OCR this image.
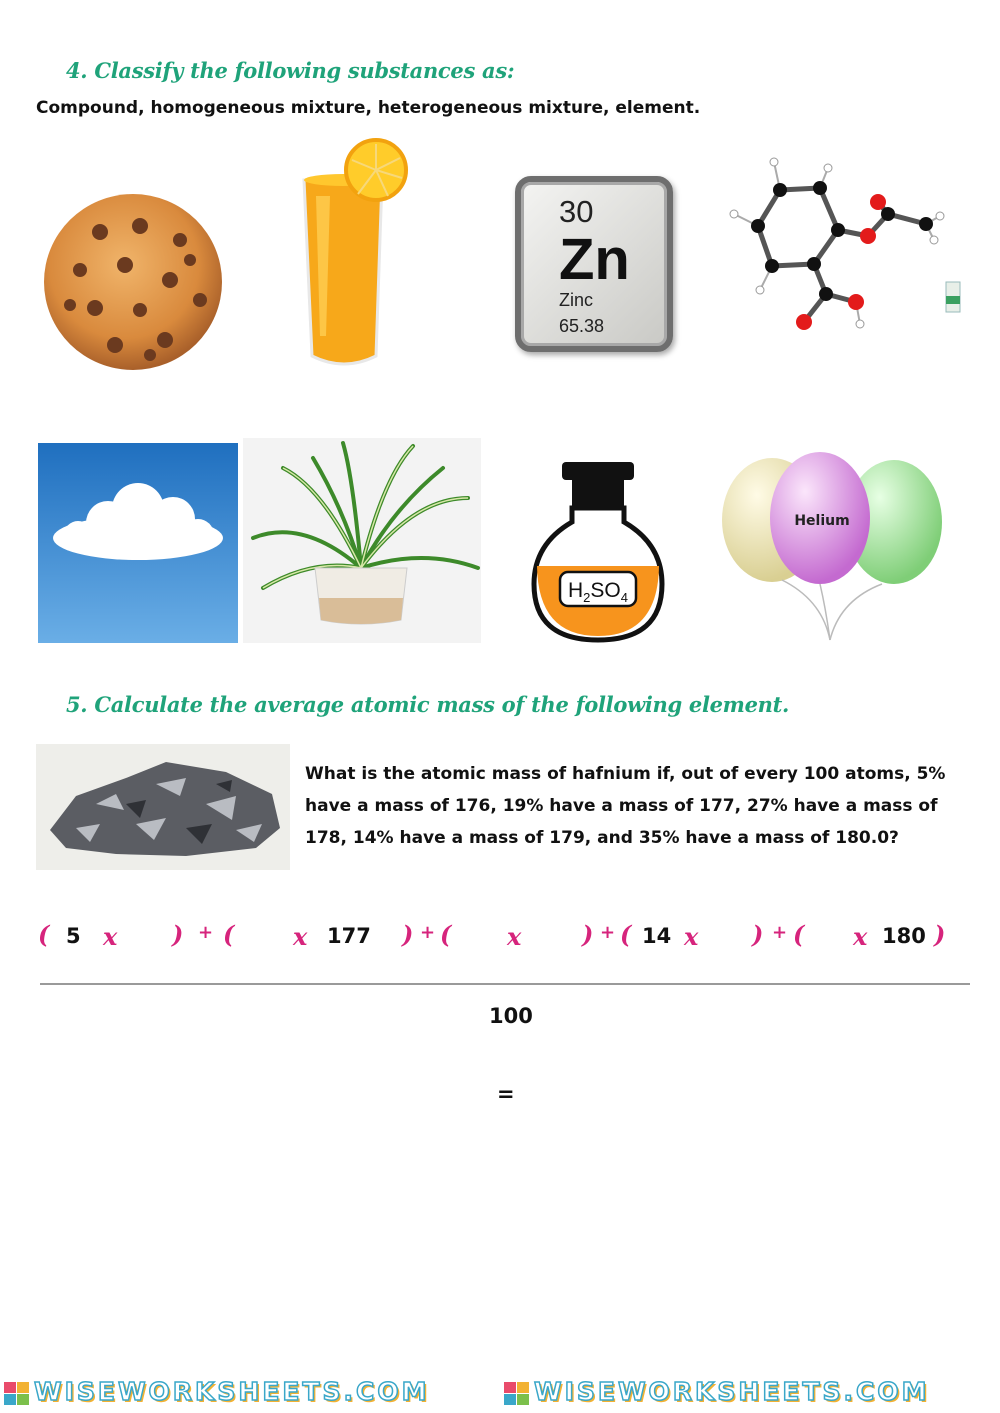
4. Classify the following substances as:
Compound, homogeneous mixture, heterogeneous mixture, element.
30
Zn
Zinc
65.38
$H_2SO_4$
Helium
5. Calculate the average atomic mass of the following element.
What is the atomic mass of hafnium if, out of every 100 atoms, 5% have a mass of 176, 19% have a mass of 177, 27% have a mass of 178, 14% have a mass of 179, and 35% have a mass of 180.0?
( 5 x ) + ( x 177 ) + ( x	) + ( 14 x ) + ( x 180 )
100
=
WISEWORKSHEETS.COM	WISEWORKSHEETS.COM
